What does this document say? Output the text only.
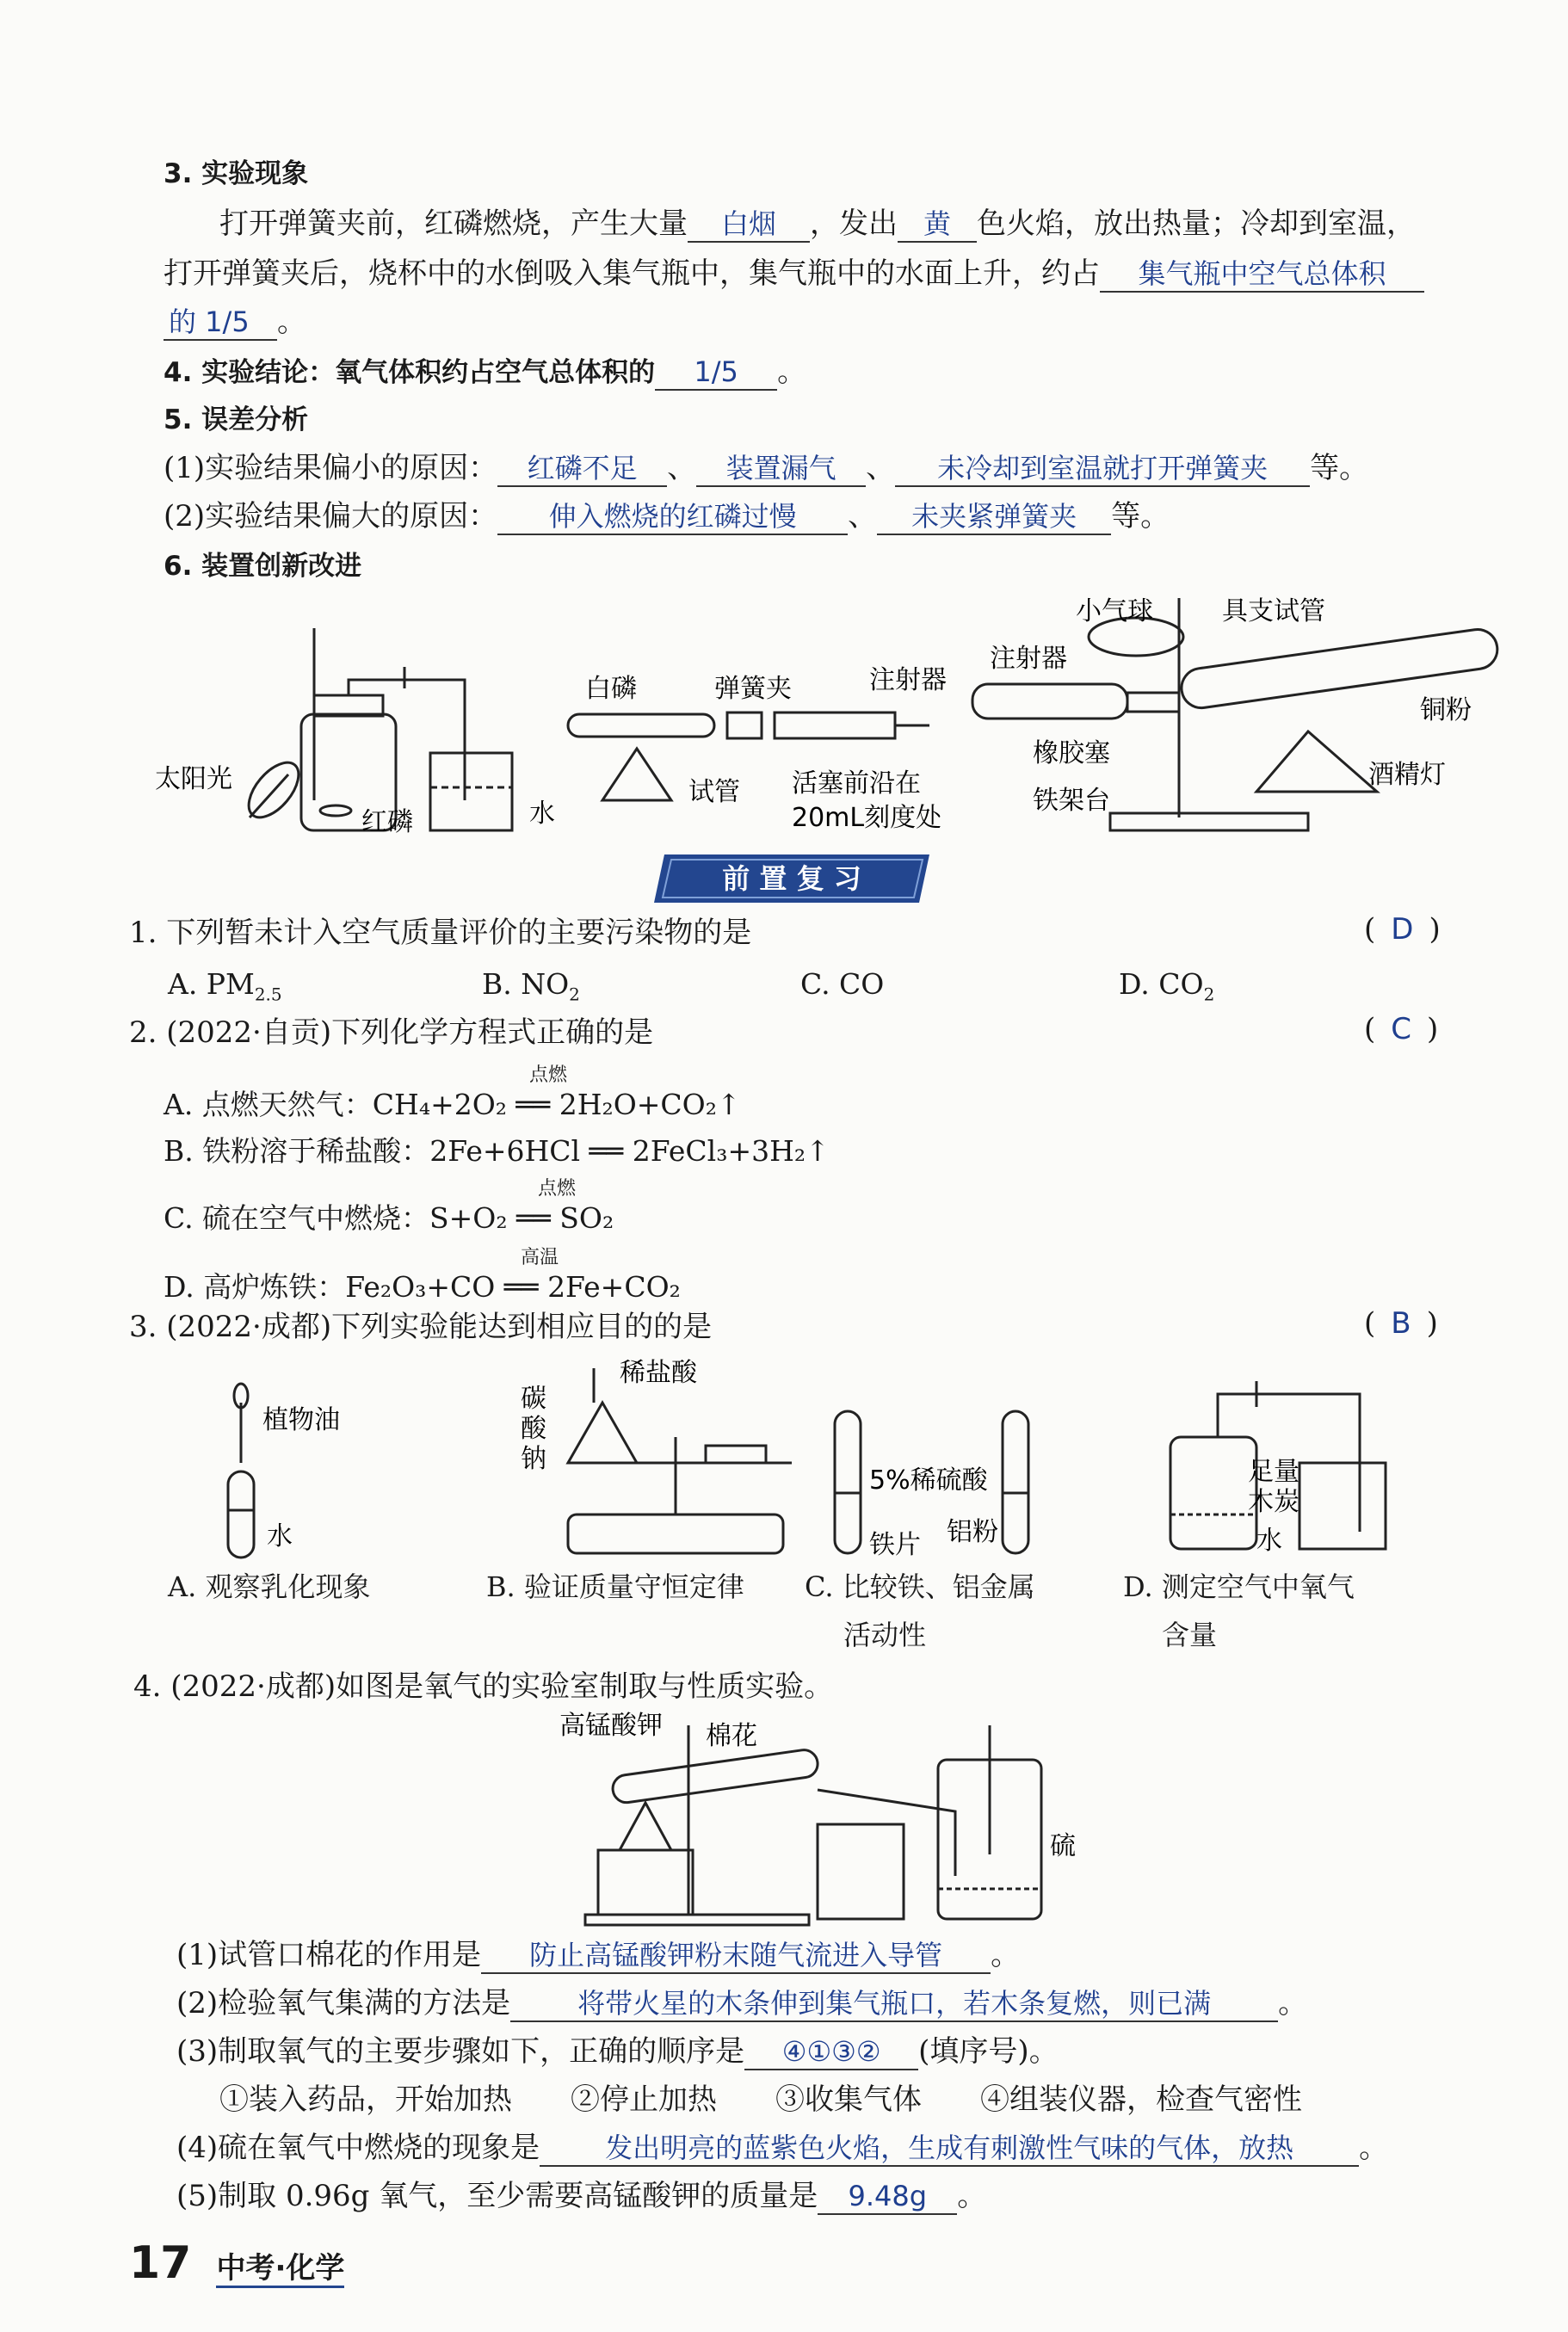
3. 实验现象
打开弹簧夹前，红磷燃烧，产生大量 白烟 ，发出 黄 色火焰，放出热量；冷却到室温，
打开弹簧夹后，烧杯中的水倒吸入集气瓶中，集气瓶中的水面上升，约占 集气瓶中空气总体积
的 1/5 。
4. 实验结论：氧气体积约占空气总体积的 1/5 。
5. 误差分析
(1)实验结果偏小的原因： 红磷不足 、 装置漏气 、 未冷却到室温就打开弹簧夹 等。
(2)实验结果偏大的原因： 伸入燃烧的红磷过慢 、 未夹紧弹簧夹 等。
6. 装置创新改进
太阳光
红磷	水
白磷	弹簧夹	注射器
试管 活塞前沿在
20mL刻度处
小气球	具支试管
注射器
铜粉
橡胶塞
铁架台
酒精灯
前 置 复 习
1. 下列暂未计入空气质量评价的主要污染物的是	( D )
A. $PM_{2.5}$	B. $NO_2$	C. CO	D. $CO_2$
2. (2022·自贡)下列化学方程式正确的是	( C )
A. 点燃天然气：CH₄+2O₂ ══ 2H₂O+CO₂↑
点燃
B. 铁粉溶于稀盐酸：2Fe+6HCl ══ 2FeCl₃+3H₂↑
C. 硫在空气中燃烧：S+O₂ ══ SO₂
点燃
D. 高炉炼铁：Fe₂O₃+CO ══ 2Fe+CO₂
高温
3. (2022·成都)下列实验能达到相应目的的是	( B )
植物油
水
稀盐酸
碳
酸
钠
5%稀硫酸
铁片 铝粉
足量
木炭
水
A. 观察乳化现象	B. 验证质量守恒定律 C. 比较铁、铝金属
活动性
D. 测定空气中氧气
含量
4. (2022·成都)如图是氧气的实验室制取与性质实验。
高锰酸钾 棉花
硫
(1)试管口棉花的作用是 防止高锰酸钾粉末随气流进入导管 。
(2)检验氧气集满的方法是 将带火星的木条伸到集气瓶口，若木条复燃，则已满 。
(3)制取氧气的主要步骤如下，正确的顺序是 ④①③② (填序号)。
①装入药品，开始加热　　②停止加热　　③收集气体　　④组装仪器，检查气密性
(4)硫在氧气中燃烧的现象是 发出明亮的蓝紫色火焰，生成有刺激性气味的气体，放热 。
(5)制取 0.96g 氧气，至少需要高锰酸钾的质量是 9.48g 。
17 中考·化学
